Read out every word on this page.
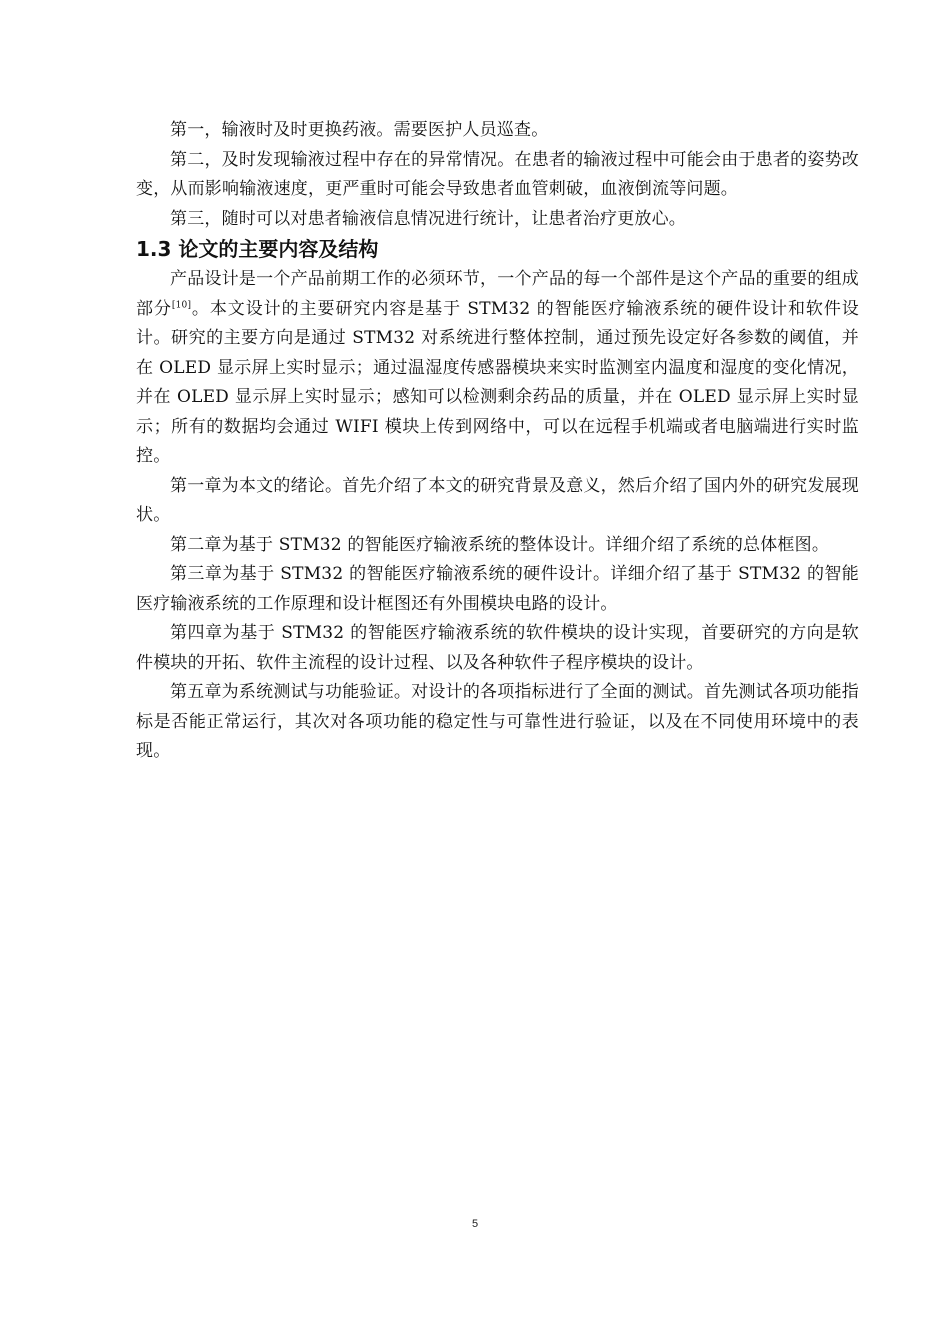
第一，输液时及时更换药液。需要医护人员巡查。

第二，及时发现输液过程中存在的异常情况。在患者的输液过程中可能会由于患者的姿势改变，从而影响输液速度，更严重时可能会导致患者血管刺破，血液倒流等问题。

第三，随时可以对患者输液信息情况进行统计，让患者治疗更放心。

1.3 论文的主要内容及结构

产品设计是一个产品前期工作的必须环节，一个产品的每一个部件是这个产品的重要的组成部分[10]。本文设计的主要研究内容是基于 STM32 的智能医疗输液系统的硬件设计和软件设计。研究的主要方向是通过 STM32 对系统进行整体控制，通过预先设定好各参数的阈值，并在 OLED 显示屏上实时显示；通过温湿度传感器模块来实时监测室内温度和湿度的变化情况，并在 OLED 显示屏上实时显示；感知可以检测剩余药品的质量，并在 OLED 显示屏上实时显示；所有的数据均会通过 WIFI 模块上传到网络中，可以在远程手机端或者电脑端进行实时监控。

第一章为本文的绪论。首先介绍了本文的研究背景及意义，然后介绍了国内外的研究发展现状。

第二章为基于 STM32 的智能医疗输液系统的整体设计。详细介绍了系统的总体框图。

第三章为基于 STM32 的智能医疗输液系统的硬件设计。详细介绍了基于 STM32 的智能医疗输液系统的工作原理和设计框图还有外围模块电路的设计。

第四章为基于 STM32 的智能医疗输液系统的软件模块的设计实现，首要研究的方向是软件模块的开拓、软件主流程的设计过程、以及各种软件子程序模块的设计。

第五章为系统测试与功能验证。对设计的各项指标进行了全面的测试。首先测试各项功能指标是否能正常运行，其次对各项功能的稳定性与可靠性进行验证，以及在不同使用环境中的表现。

5
